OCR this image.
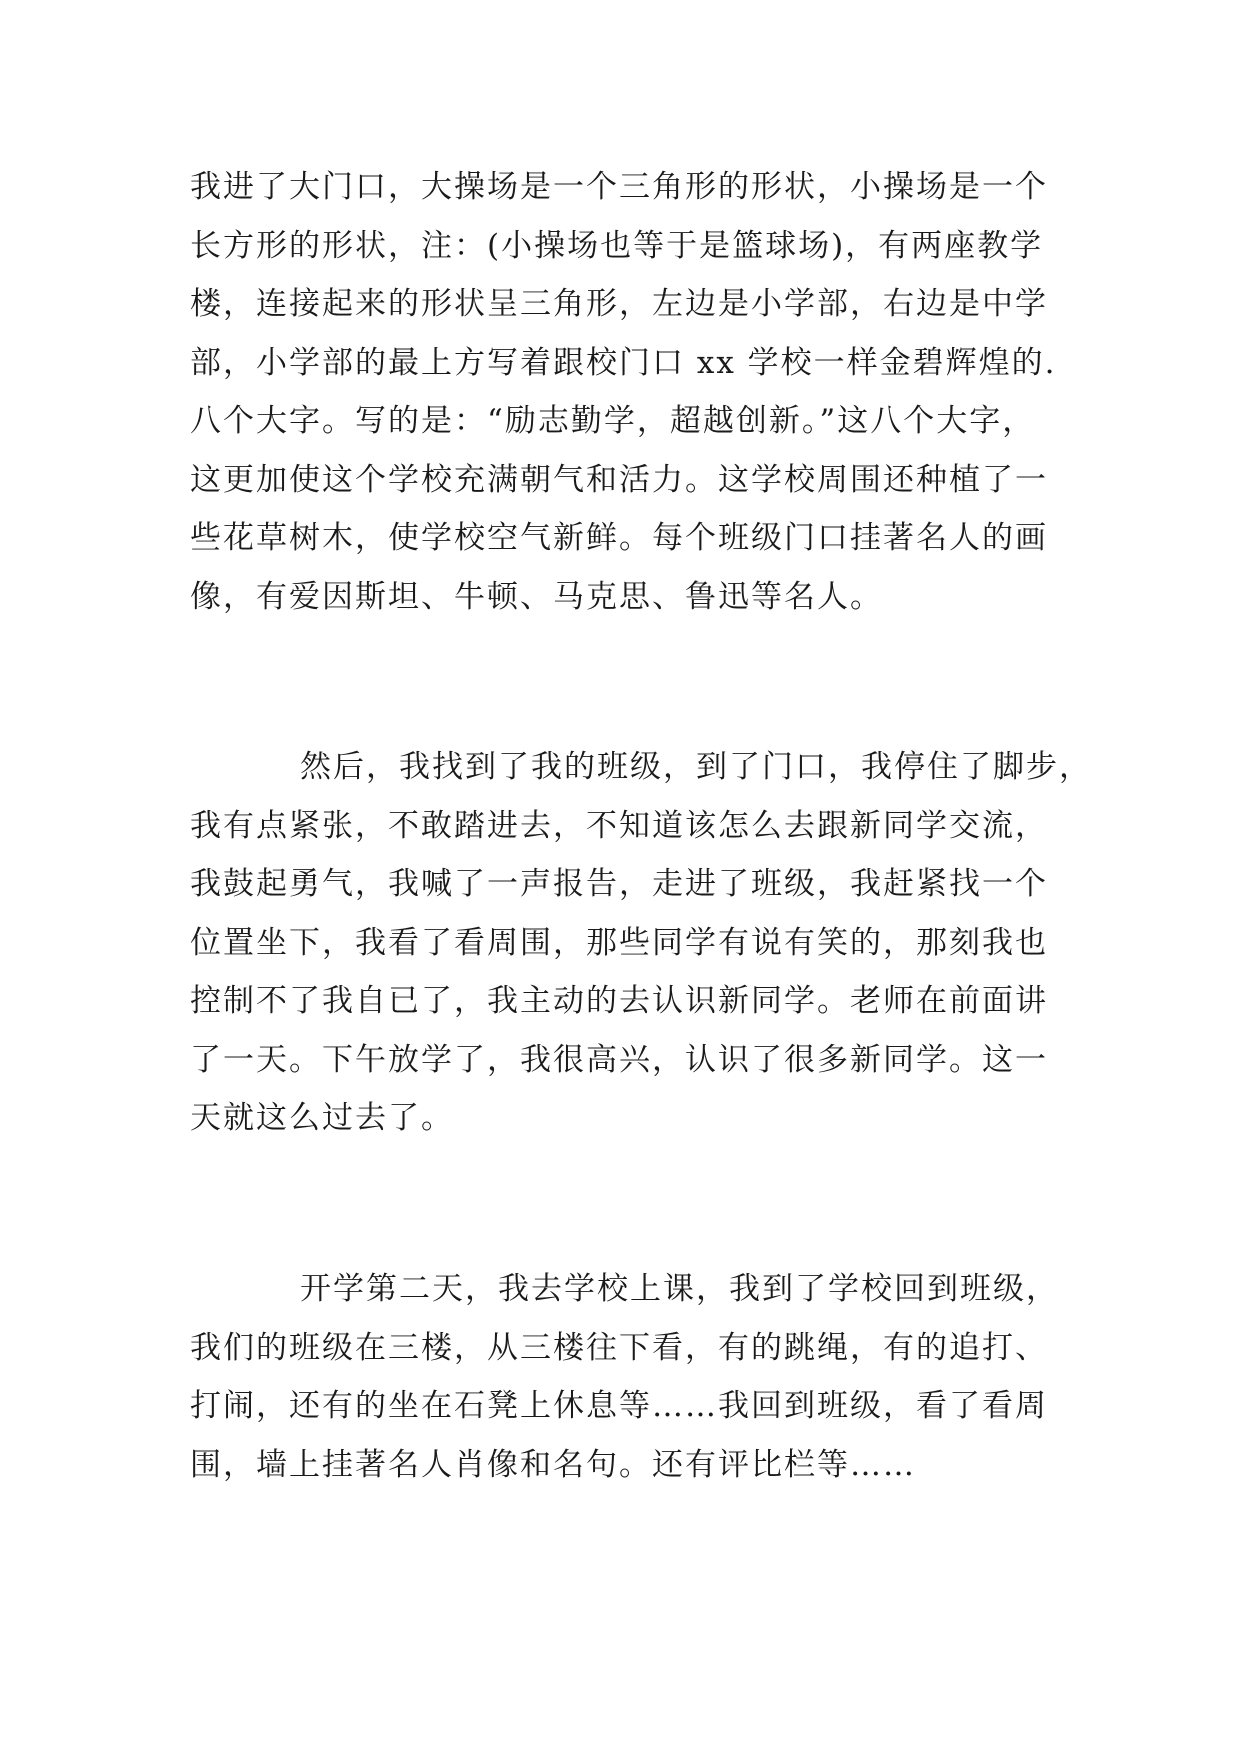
我进了大门口，大操场是一个三角形的形状，小操场是一个
长方形的形状，注：(小操场也等于是篮球场)，有两座教学
楼，连接起来的形状呈三角形，左边是小学部，右边是中学
部，小学部的最上方写着跟校门口 xx 学校一样金碧辉煌的.
八个大字。写的是：“励志勤学，超越创新。”这八个大字，
这更加使这个学校充满朝气和活力。这学校周围还种植了一
些花草树木，使学校空气新鲜。每个班级门口挂著名人的画
像，有爱因斯坦、牛顿、马克思、鲁迅等名人。

然后，我找到了我的班级，到了门口，我停住了脚步，
我有点紧张，不敢踏进去，不知道该怎么去跟新同学交流，
我鼓起勇气，我喊了一声报告，走进了班级，我赶紧找一个
位置坐下，我看了看周围，那些同学有说有笑的，那刻我也
控制不了我自已了，我主动的去认识新同学。老师在前面讲
了一天。下午放学了，我很高兴，认识了很多新同学。这一
天就这么过去了。

开学第二天，我去学校上课，我到了学校回到班级，
我们的班级在三楼，从三楼往下看，有的跳绳，有的追打、
打闹，还有的坐在石凳上休息等……我回到班级，看了看周
围，墙上挂著名人肖像和名句。还有评比栏等……
